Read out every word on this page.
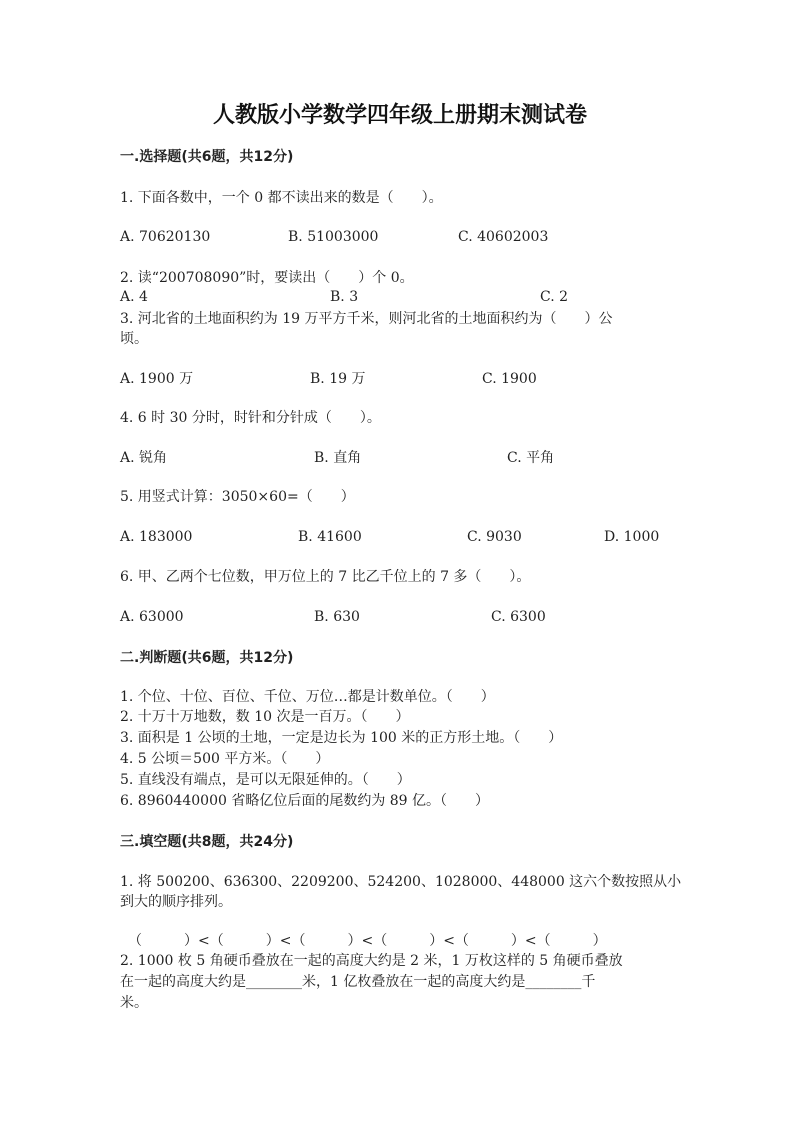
人教版小学数学四年级上册期末测试卷
一.选择题(共6题，共12分)
1. 下面各数中，一个 0 都不读出来的数是（　　）。
A. 70620130	B. 51003000	C. 40602003
2. 读“200708090”时，要读出（　　）个 0。
A. 4	B. 3	C. 2
3. 河北省的土地面积约为 19 万平方千米，则河北省的土地面积约为（　　）公
顷。
A. 1900 万	B. 19 万	C. 1900
4. 6 时 30 分时，时针和分针成（　　）。
A. 锐角	B. 直角	C. 平角
5. 用竖式计算：3050×60=（　　）
A. 183000	B. 41600	C. 9030	D. 1000
6. 甲、乙两个七位数，甲万位上的 7 比乙千位上的 7 多（　　）。
A. 63000	B. 630	C. 6300
二.判断题(共6题，共12分)
1. 个位、十位、百位、千位、万位…都是计数单位。（　　）
2. 十万十万地数，数 10 次是一百万。（　　）
3. 面积是 1 公顷的土地，一定是边长为 100 米的正方形土地。（　　）
4. 5 公顷＝500 平方米。（　　）
5. 直线没有端点，是可以无限延伸的。（　　）
6. 8960440000 省略亿位后面的尾数约为 89 亿。（　　）
三.填空题(共8题，共24分)
1. 将 500200、636300、2209200、524200、1028000、448000 这六个数按照从小
到大的顺序排列。
（　　　）<（　　　）<（　　　）<（　　　）<（　　　）<（　　　）
2. 1000 枚 5 角硬币叠放在一起的高度大约是 2 米，1 万枚这样的 5 角硬币叠放
在一起的高度大约是________米，1 亿枚叠放在一起的高度大约是________千
米。
